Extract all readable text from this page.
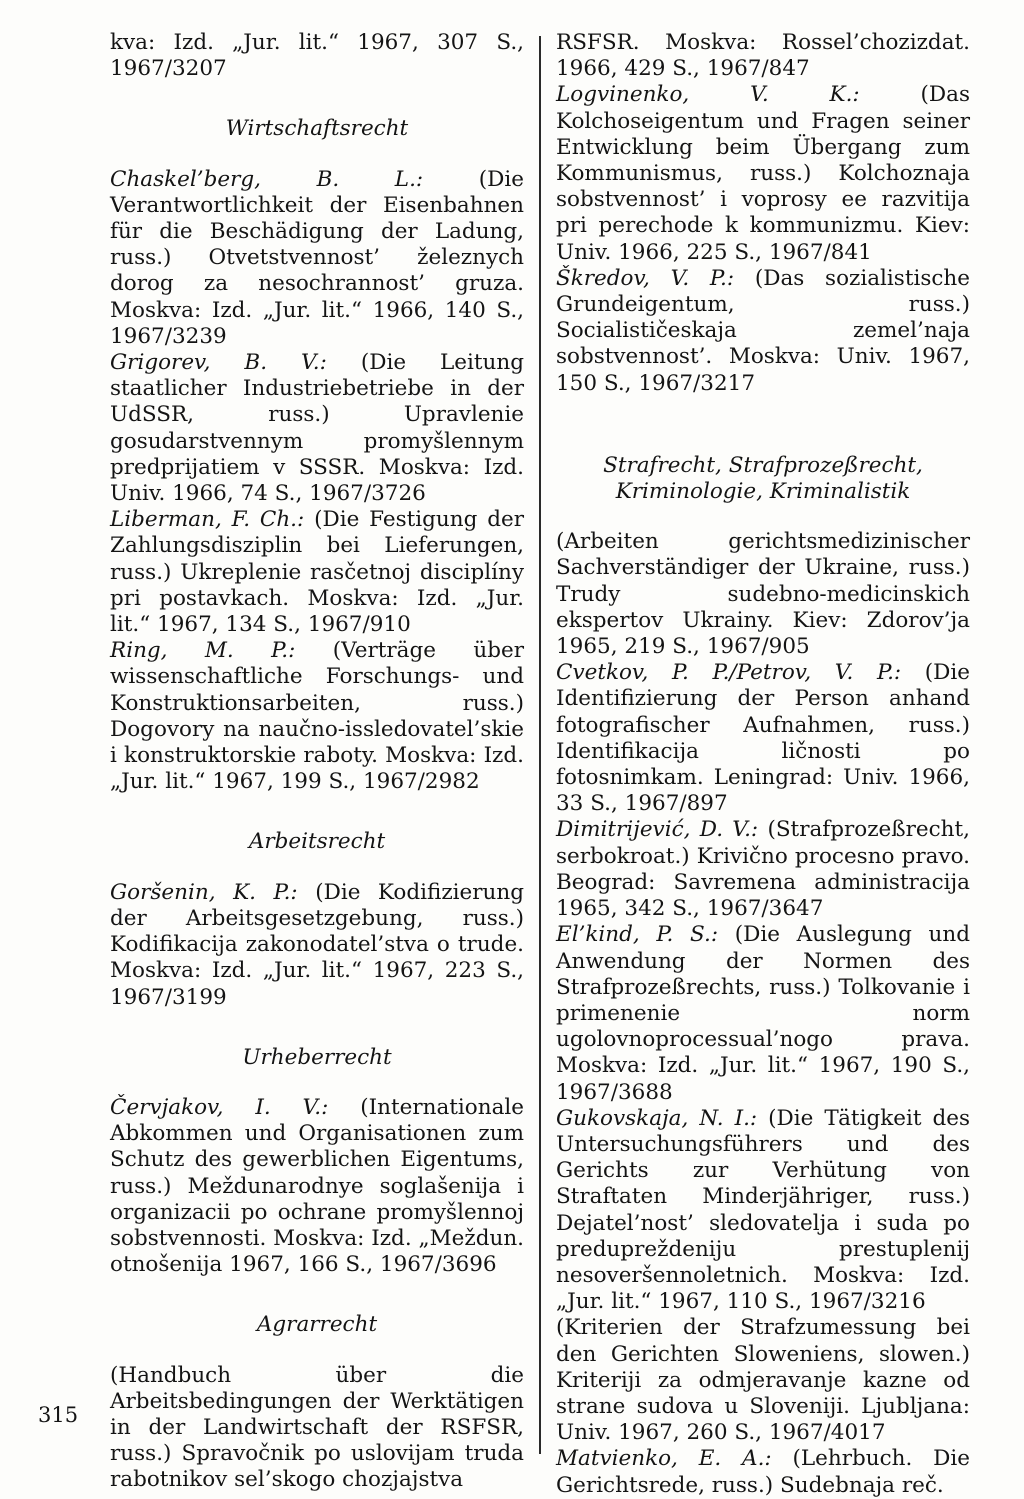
kva: Izd. „Jur. lit.“ 1967, 307 S., 1967/3207

Wirtschaftsrecht

Chaskel’berg, B. L.:	(Die Verantwortlichkeit der Eisenbahnen für die Beschädigung der Ladung, russ.) Otvetstvennost’ železnych dorog za nesochrannost’ gruza. Moskva: Izd. „Jur. lit.“ 1966, 140 S., 1967/3239

Grigorev, B. V.: (Die Leitung staatlicher Industriebetriebe in der UdSSR, russ.) Upravlenie gosudarstvennym promyšlennym predprijatiem v SSSR. Moskva: Izd. Univ. 1966, 74 S., 1967/3726

Liberman, F. Ch.: (Die Festigung der Zahlungsdisziplin bei Lieferungen, russ.) Ukreplenie rasčetnoj disciplíny pri postavkach. Moskva: Izd. „Jur. lit.“ 1967, 134 S., 1967/910

Ring, M. P.: (Verträge über wissenschaftliche Forschungs- und Konstruktionsarbeiten, russ.) Dogovory na naučno-issledovatel’skie i konstruktorskie raboty. Moskva: Izd. „Jur. lit.“ 1967, 199 S., 1967/2982

Arbeitsrecht

Goršenin, K. P.: (Die Kodifizierung der Arbeitsgesetzgebung, russ.) Kodifikacija zakonodatel’stva o trude. Moskva: Izd. „Jur. lit.“ 1967, 223 S., 1967/3199

Urheberrecht

Červjakov, I. V.: (Internationale Abkommen und Organisationen zum Schutz des gewerblichen Eigentums, russ.) Meždunarodnye soglašenija i organizacii po ochrane promyšlennoj sobstvennosti. Moskva: Izd. „Meždun. otnošenija 1967, 166 S., 1967/3696

Agrarrecht

(Handbuch über die Arbeitsbedingungen der Werktätigen in der Landwirtschaft der RSFSR, russ.) Spravočnik po uslovijam truda rabotnikov sel’skogo chozjajstva

RSFSR. Moskva: Rossel’chozizdat. 1966, 429 S., 1967/847

Logvinenko, V. K.:	(Das Kolchoseigentum und Fragen seiner Entwicklung beim Übergang zum Kommunismus, russ.) Kolchoznaja sobstvennost’ i voprosy ee razvitija pri perechode k kommunizmu. Kiev: Univ. 1966, 225 S., 1967/841

Škredov, V. P.: (Das sozialistische Grundeigentum, russ.) Socialističeskaja zemel’naja sobstvennost’. Moskva: Univ. 1967, 150 S., 1967/3217

Strafrecht, Strafprozeßrecht, Kriminologie, Kriminalistik

(Arbeiten gerichtsmedizinischer Sachverständiger der Ukraine, russ.) Trudy sudebno-medicinskich ekspertov Ukrainy. Kiev: Zdorov’ja 1965, 219 S., 1967/905

Cvetkov, P. P./Petrov, V. P.: (Die Identifizierung der Person anhand fotografischer Aufnahmen, russ.) Identifikacija ličnosti po fotosnimkam. Leningrad: Univ. 1966, 33 S., 1967/897

Dimitrijević, D. V.: (Strafprozeßrecht, serbokroat.) Krivično procesno pravo. Beograd: Savremena administracija 1965, 342 S., 1967/3647

El’kind, P. S.: (Die Auslegung und Anwendung der Normen des Strafprozeßrechts, russ.) Tolkovanie i primenenie norm ugolovnoprocessual’nogo prava. Moskva: Izd. „Jur. lit.“ 1967, 190 S., 1967/3688

Gukovskaja, N. I.: (Die Tätigkeit des Untersuchungsführers und des Gerichts zur Verhütung von Straftaten Minderjähriger, russ.) Dejatel’nost’ sledovatelja i suda po predupreždeniju prestuplenij nesoveršennoletnich. Moskva: Izd. „Jur. lit.“ 1967, 110 S., 1967/3216

(Kriterien der Strafzumessung bei den Gerichten Sloweniens, slowen.) Kriteriji za odmjeravanje kazne od strane sudova u Sloveniji. Ljubljana: Univ. 1967, 260 S., 1967/4017

Matvienko, E. A.: (Lehrbuch. Die Gerichtsrede, russ.) Sudebnaja reč.

315
